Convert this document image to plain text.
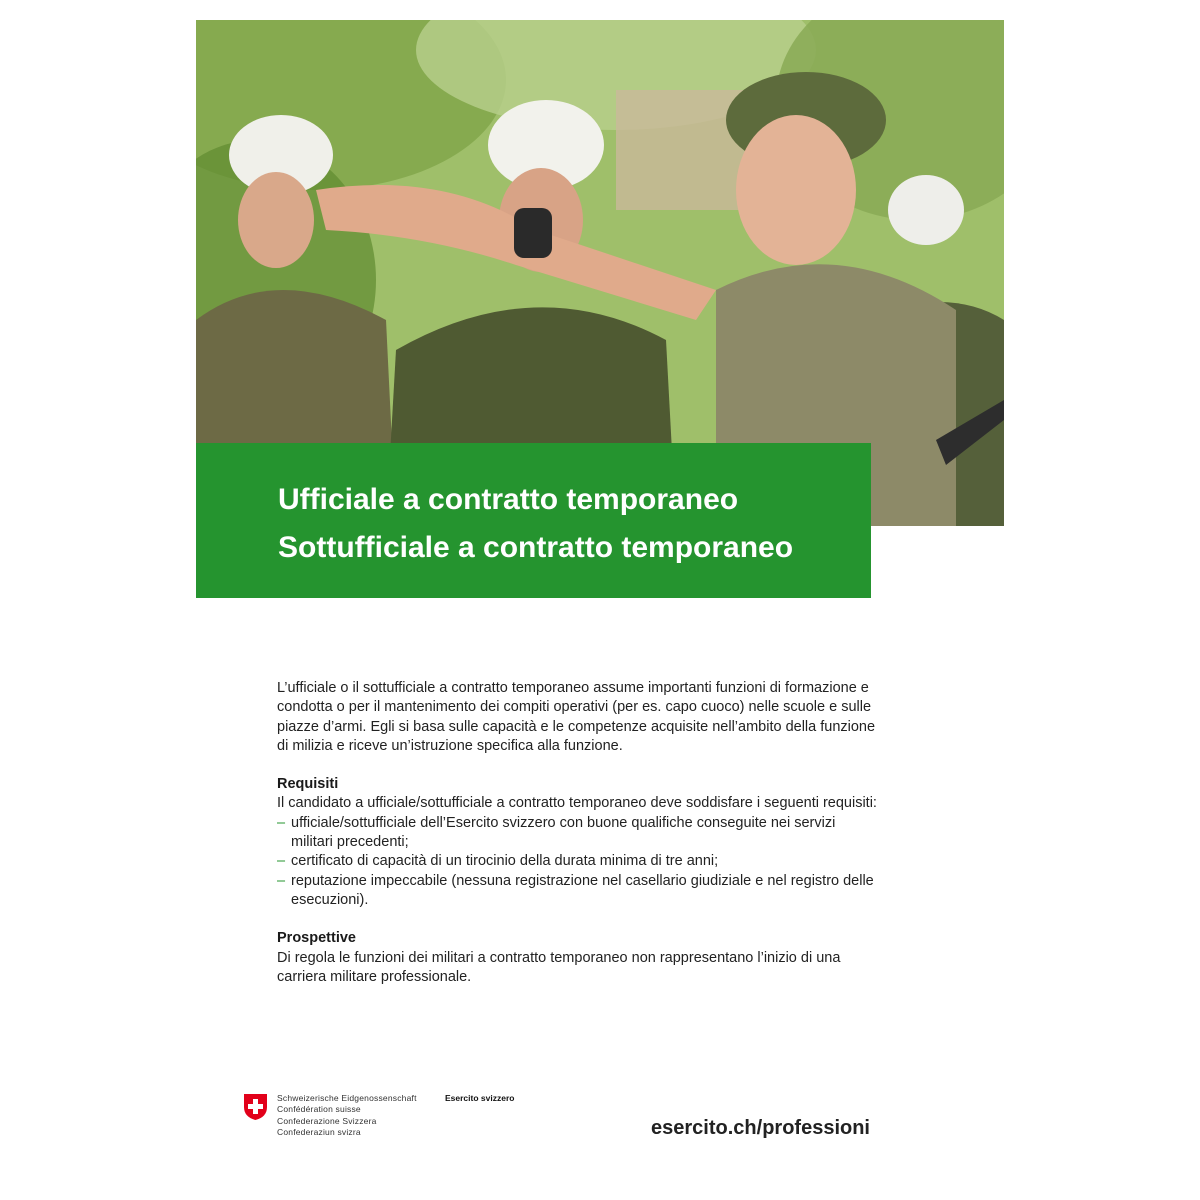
Ufficiale a contratto temporaneo
Sottufficiale a contratto temporaneo

L’ufficiale o il sottufficiale a contratto temporaneo assume importanti funzioni di formazione e condotta o per il mantenimento dei compiti operativi (per es. capo cuoco) nelle scuole e sulle piazze d’armi. Egli si basa sulle capacità e le competenze acquisite nell’ambito della funzione di milizia e riceve un’istruzione specifica alla funzione.

Requisiti

Il candidato a ufficiale/sottufficiale a contratto temporaneo deve soddisfare i seguenti requisiti:

– ufficiale/sottufficiale dell’Esercito svizzero con buone qualifiche conseguite nei servizi militari precedenti;
– certificato di capacità di un tirocinio della durata minima di tre anni;
– reputazione impeccabile (nessuna registrazione nel casellario giudiziale e nel registro delle esecuzioni).
Prospettive

Di regola le funzioni dei militari a contratto temporaneo non rappresentano l’inizio di una carriera militare professionale.

Schweizerische Eidgenossenschaft
Confédération suisse
Confederazione Svizzera
Confederaziun svizra
Esercito svizzero
esercito.ch/professioni
